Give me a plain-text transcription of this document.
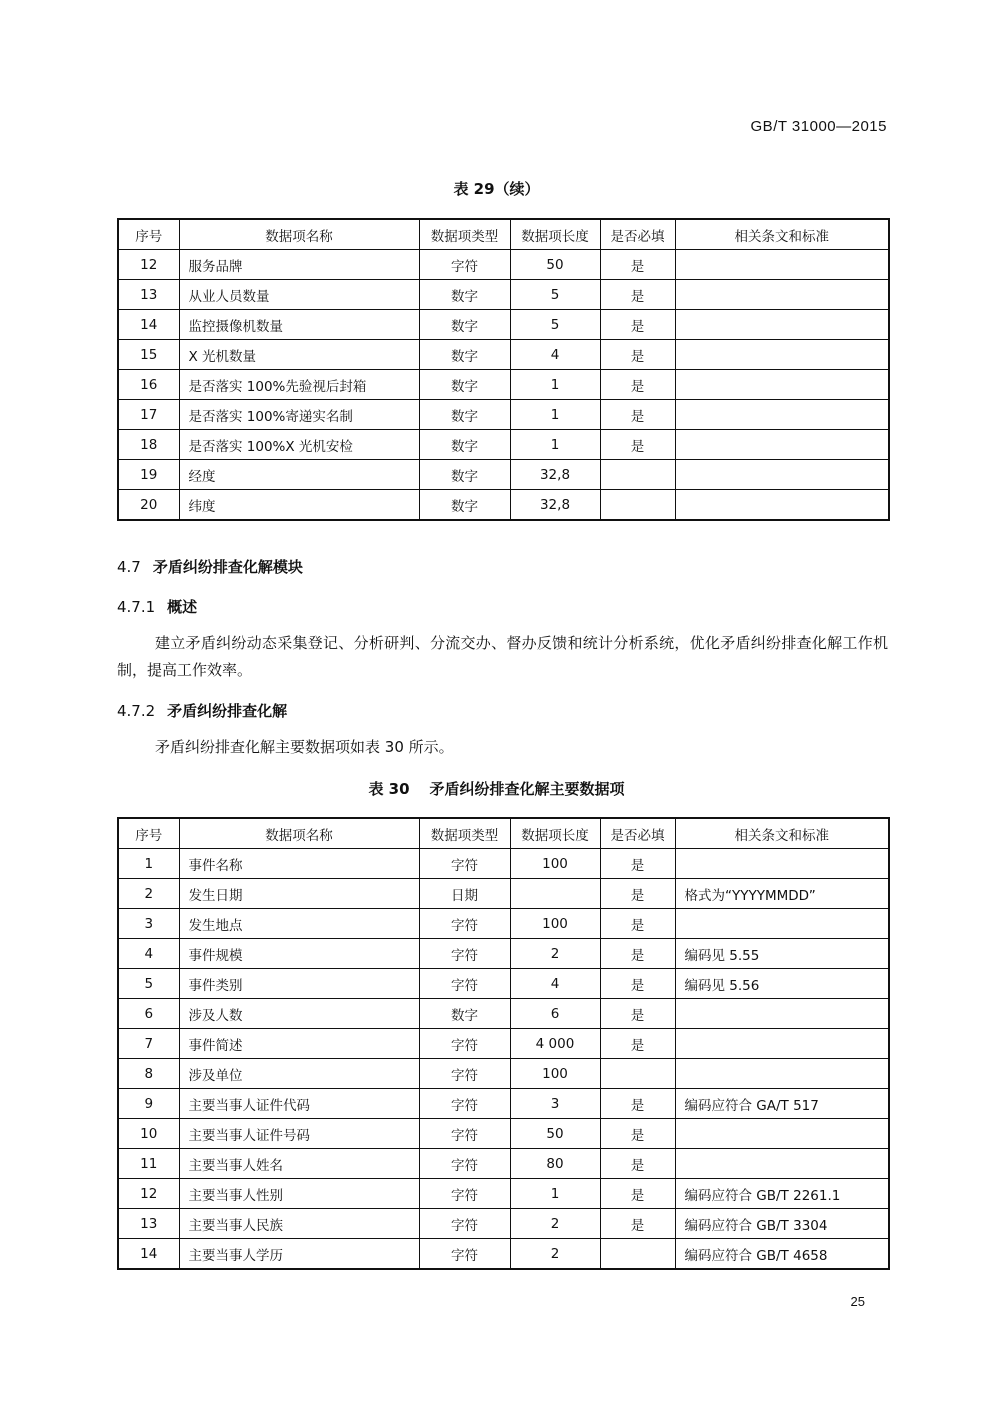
GB/T 31000—2015
表 29（续）
序号	数据项名称	数据项类型	数据项长度	是否必填	相关条文和标准
12	服务品牌	字符	50	是	
13	从业人员数量	数字	5	是	
14	监控摄像机数量	数字	5	是	
15	X 光机数量	数字	4	是	
16	是否落实 100%先验视后封箱	数字	1	是	
17	是否落实 100%寄递实名制	数字	1	是	
18	是否落实 100%X 光机安检	数字	1	是	
19	经度	数字	32,8		
20	纬度	数字	32,8		
4.7 矛盾纠纷排查化解模块
4.7.1 概述
建立矛盾纠纷动态采集登记、分析研判、分流交办、督办反馈和统计分析系统，优化矛盾纠纷排查化解工作机制，提高工作效率。
4.7.2 矛盾纠纷排查化解
矛盾纠纷排查化解主要数据项如表 30 所示。
表 30 矛盾纠纷排查化解主要数据项
序号	数据项名称	数据项类型	数据项长度	是否必填	相关条文和标准
1	事件名称	字符	100	是	
2	发生日期	日期		是	格式为“YYYYMMDD”
3	发生地点	字符	100	是	
4	事件规模	字符	2	是	编码见 5.55
5	事件类别	字符	4	是	编码见 5.56
6	涉及人数	数字	6	是	
7	事件简述	字符	4 000	是	
8	涉及单位	字符	100		
9	主要当事人证件代码	字符	3	是	编码应符合 GA/T 517
10	主要当事人证件号码	字符	50	是	
11	主要当事人姓名	字符	80	是	
12	主要当事人性别	字符	1	是	编码应符合 GB/T 2261.1
13	主要当事人民族	字符	2	是	编码应符合 GB/T 3304
14	主要当事人学历	字符	2		编码应符合 GB/T 4658
25
